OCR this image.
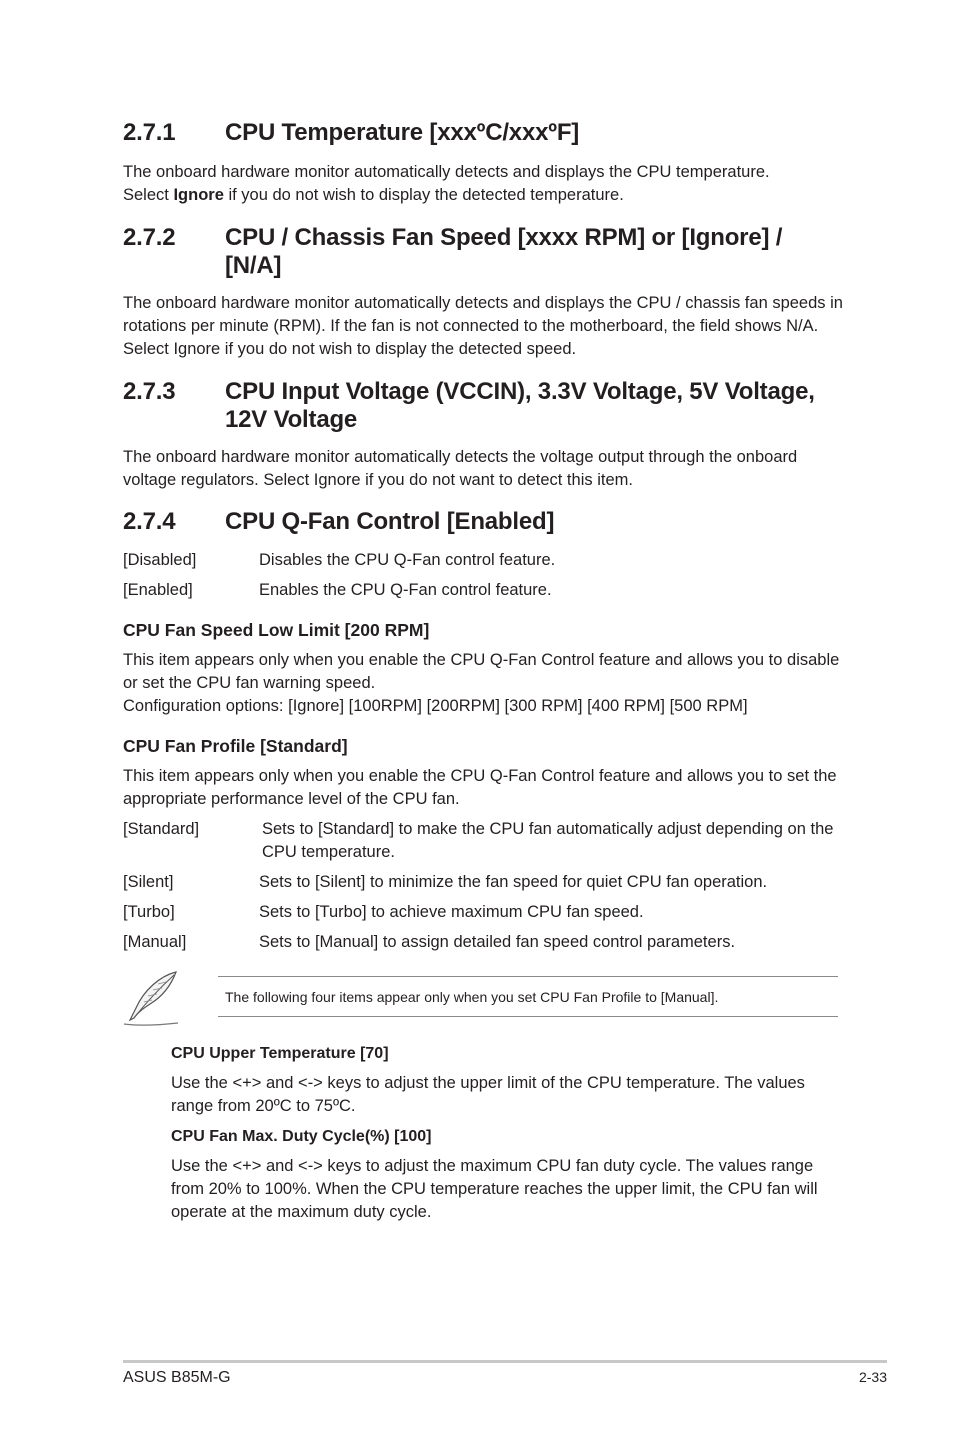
2.7.1	CPU Temperature [xxxºC/xxxºF]
The onboard hardware monitor automatically detects and displays the CPU temperature.
Select Ignore if you do not wish to display the detected temperature.
2.7.2	CPU / Chassis Fan Speed [xxxx RPM] or [Ignore] / [N/A]
The onboard hardware monitor automatically detects and displays the CPU / chassis fan speeds in rotations per minute (RPM). If the fan is not connected to the motherboard, the field shows N/A. Select Ignore if you do not wish to display the detected speed.
2.7.3	CPU Input Voltage (VCCIN), 3.3V Voltage, 5V Voltage, 12V Voltage
The onboard hardware monitor automatically detects the voltage output through the onboard voltage regulators. Select Ignore if you do not want to detect this item.
2.7.4	CPU Q-Fan Control [Enabled]
[Disabled]	Disables the CPU Q-Fan control feature.
[Enabled]	Enables the CPU Q-Fan control feature.
CPU Fan Speed Low Limit [200 RPM]
This item appears only when you enable the CPU Q-Fan Control feature and allows you to disable or set the CPU fan warning speed.
Configuration options: [Ignore] [100RPM] [200RPM] [300 RPM] [400 RPM] [500 RPM]
CPU Fan Profile [Standard]
This item appears only when you enable the CPU Q-Fan Control feature and allows you to set the appropriate performance level of the CPU fan.
[Standard]	Sets to [Standard] to make the CPU fan automatically adjust depending on the CPU temperature.
[Silent]	Sets to [Silent] to minimize the fan speed for quiet CPU fan operation.
[Turbo]	Sets to [Turbo] to achieve maximum CPU fan speed.
[Manual]	Sets to [Manual] to assign detailed fan speed control parameters.
The following four items appear only when you set CPU Fan Profile to [Manual].
CPU Upper Temperature [70]
Use the <+> and <-> keys to adjust the upper limit of the CPU temperature. The values range from 20ºC to 75ºC.
CPU Fan Max. Duty Cycle(%) [100]
Use the <+> and <-> keys to adjust the maximum CPU fan duty cycle. The values range from 20% to 100%. When the CPU temperature reaches the upper limit, the CPU fan will operate at the maximum duty cycle.
ASUS B85M-G	2-33
